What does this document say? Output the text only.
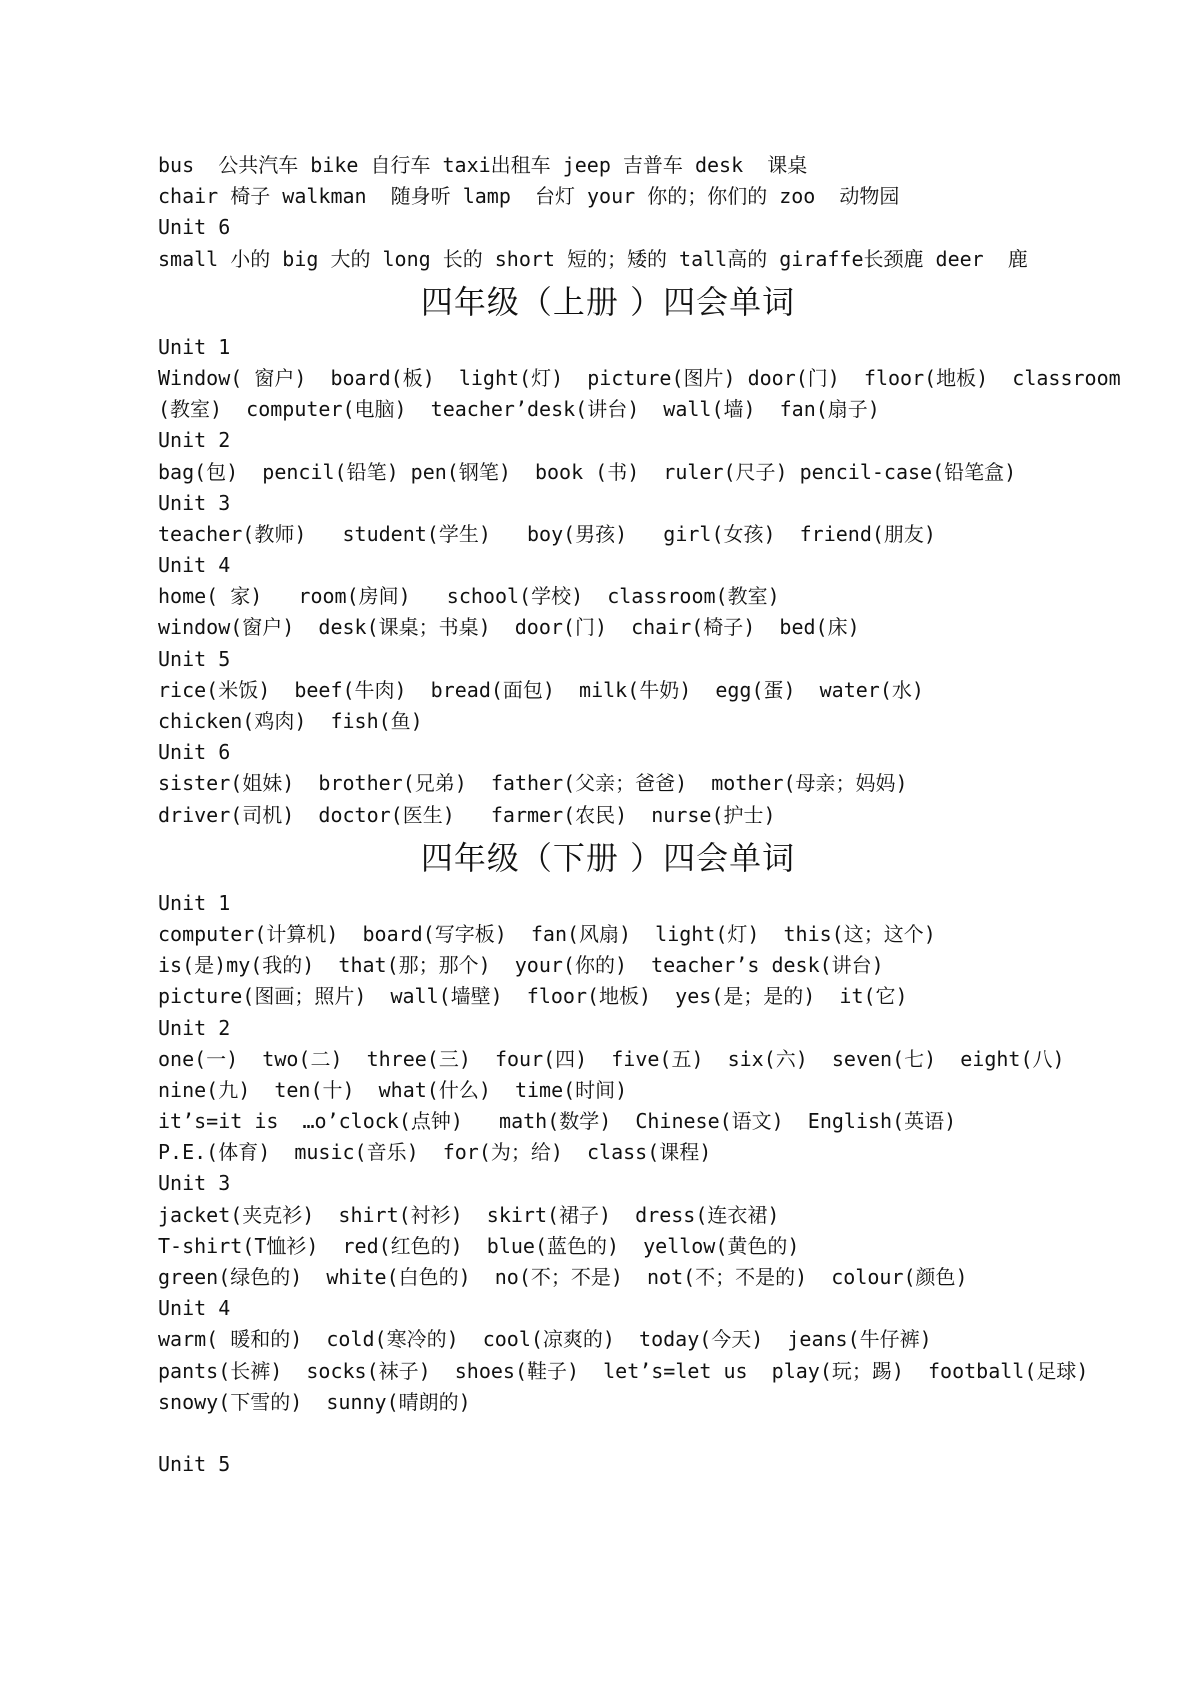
bus  公共汽车 bike 自行车 taxi出租车 jeep 吉普车 desk  课桌
chair 椅子 walkman  随身听 lamp  台灯 your 你的；你们的 zoo  动物园
Unit 6
small 小的 big 大的 long 长的 short 短的；矮的 tall高的 giraffe长颈鹿 deer  鹿
四年级（上册 ）四会单词
Unit 1
Window( 窗户)  board(板)  light(灯)  picture(图片) door(门)  floor(地板)  classroom
(教室)  computer(电脑)  teacher’desk(讲台)  wall(墙)  fan(扇子)
Unit 2
bag(包)  pencil(铅笔) pen(钢笔)  book (书)  ruler(尺子) pencil-case(铅笔盒)
Unit 3
teacher(教师)   student(学生)   boy(男孩)   girl(女孩)  friend(朋友)
Unit 4
home( 家)   room(房间)   school(学校)  classroom(教室)
window(窗户)  desk(课桌；书桌)  door(门)  chair(椅子)  bed(床)
Unit 5
rice(米饭)  beef(牛肉)  bread(面包)  milk(牛奶)  egg(蛋)  water(水)
chicken(鸡肉)  fish(鱼)
Unit 6
sister(姐妹)  brother(兄弟)  father(父亲；爸爸)  mother(母亲；妈妈)
driver(司机)  doctor(医生)   farmer(农民)  nurse(护士)
四年级（下册 ）四会单词
Unit 1
computer(计算机)  board(写字板)  fan(风扇)  light(灯)  this(这；这个)
is(是)my(我的)  that(那；那个)  your(你的)  teacher’s desk(讲台)
picture(图画；照片)  wall(墙壁)  floor(地板)  yes(是；是的)  it(它)
Unit 2
one(一)  two(二)  three(三)  four(四)  five(五)  six(六)  seven(七)  eight(八)
nine(九)  ten(十)  what(什么)  time(时间)
it’s=it is  …o’clock(点钟)   math(数学)  Chinese(语文)  English(英语)
P.E.(体育)  music(音乐)  for(为；给)  class(课程)
Unit 3
jacket(夹克衫)  shirt(衬衫)  skirt(裙子)  dress(连衣裙)
T-shirt(T恤衫)  red(红色的)  blue(蓝色的)  yellow(黄色的)
green(绿色的)  white(白色的)  no(不；不是)  not(不；不是的)  colour(颜色)
Unit 4
warm( 暖和的)  cold(寒冷的)  cool(凉爽的)  today(今天)  jeans(牛仔裤)
pants(长裤)  socks(袜子)  shoes(鞋子)  let’s=let us  play(玩；踢)  football(足球)
snowy(下雪的)  sunny(晴朗的)
Unit 5
